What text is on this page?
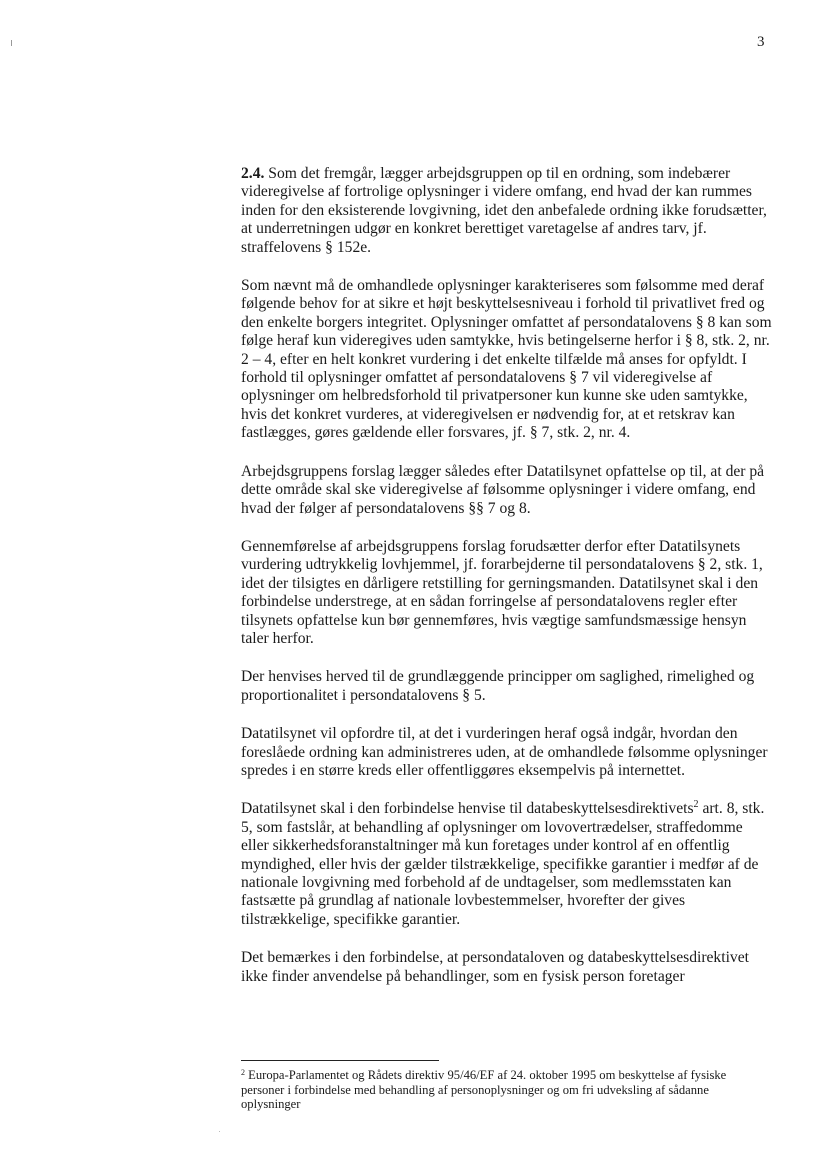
3

2.4. Som det fremgår, lægger arbejdsgruppen op til en ordning, som indebærer videregivelse af fortrolige oplysninger i videre omfang, end hvad der kan rummes inden for den eksisterende lovgivning, idet den anbefalede ordning ikke forudsætter, at underretningen udgør en konkret berettiget varetagelse af andres tarv, jf. straffelovens § 152e.

Som nævnt må de omhandlede oplysninger karakteriseres som følsomme med deraf følgende behov for at sikre et højt beskyttelsesniveau i forhold til privatlivet fred og den enkelte borgers integritet. Oplysninger omfattet af persondatalovens § 8 kan som følge heraf kun videregives uden samtykke, hvis betingelserne herfor i § 8, stk. 2, nr. 2 – 4, efter en helt konkret vurdering i det enkelte tilfælde må anses for opfyldt. I forhold til oplysninger omfattet af persondatalovens § 7 vil videregivelse af oplysninger om helbredsforhold til privatpersoner kun kunne ske uden samtykke, hvis det konkret vurderes, at videregivelsen er nødvendig for, at et retskrav kan fastlægges, gøres gældende eller forsvares, jf. § 7, stk. 2, nr. 4.

Arbejdsgruppens forslag lægger således efter Datatilsynet opfattelse op til, at der på dette område skal ske videregivelse af følsomme oplysninger i videre omfang, end hvad der følger af persondatalovens §§ 7 og 8.

Gennemførelse af arbejdsgruppens forslag forudsætter derfor efter Datatilsynets vurdering udtrykkelig lovhjemmel, jf. forarbejderne til persondatalovens § 2, stk. 1, idet der tilsigtes en dårligere retstilling for gerningsmanden. Datatilsynet skal i den forbindelse understrege, at en sådan forringelse af persondatalovens regler efter tilsynets opfattelse kun bør gennemføres, hvis vægtige samfundsmæssige hensyn taler herfor.

Der henvises herved til de grundlæggende principper om saglighed, rimelighed og proportionalitet i persondatalovens § 5.

Datatilsynet vil opfordre til, at det i vurderingen heraf også indgår, hvordan den foreslåede ordning kan administreres uden, at de omhandlede følsomme oplysninger spredes i en større kreds eller offentliggøres eksempelvis på internettet.

Datatilsynet skal i den forbindelse henvise til databeskyttelsesdirektivets$^2$ art. 8, stk. 5, som fastslår, at behandling af oplysninger om lovovertrædelser, straffedomme eller sikkerhedsforanstaltninger må kun foretages under kontrol af en offentlig myndighed, eller hvis der gælder tilstrækkelige, specifikke garantier i medfør af de nationale lovgivning med forbehold af de undtagelser, som medlemsstaten kan fastsætte på grundlag af nationale lovbestemmelser, hvorefter der gives tilstrækkelige, specifikke garantier.

Det bemærkes i den forbindelse, at persondataloven og databeskyttelsesdirektivet ikke finder anvendelse på behandlinger, som en fysisk person foretager

$^2$ Europa-Parlamentet og Rådets direktiv 95/46/EF af 24. oktober 1995 om beskyttelse af fysiske personer i forbindelse med behandling af personoplysninger og om fri udveksling af sådanne oplysninger
